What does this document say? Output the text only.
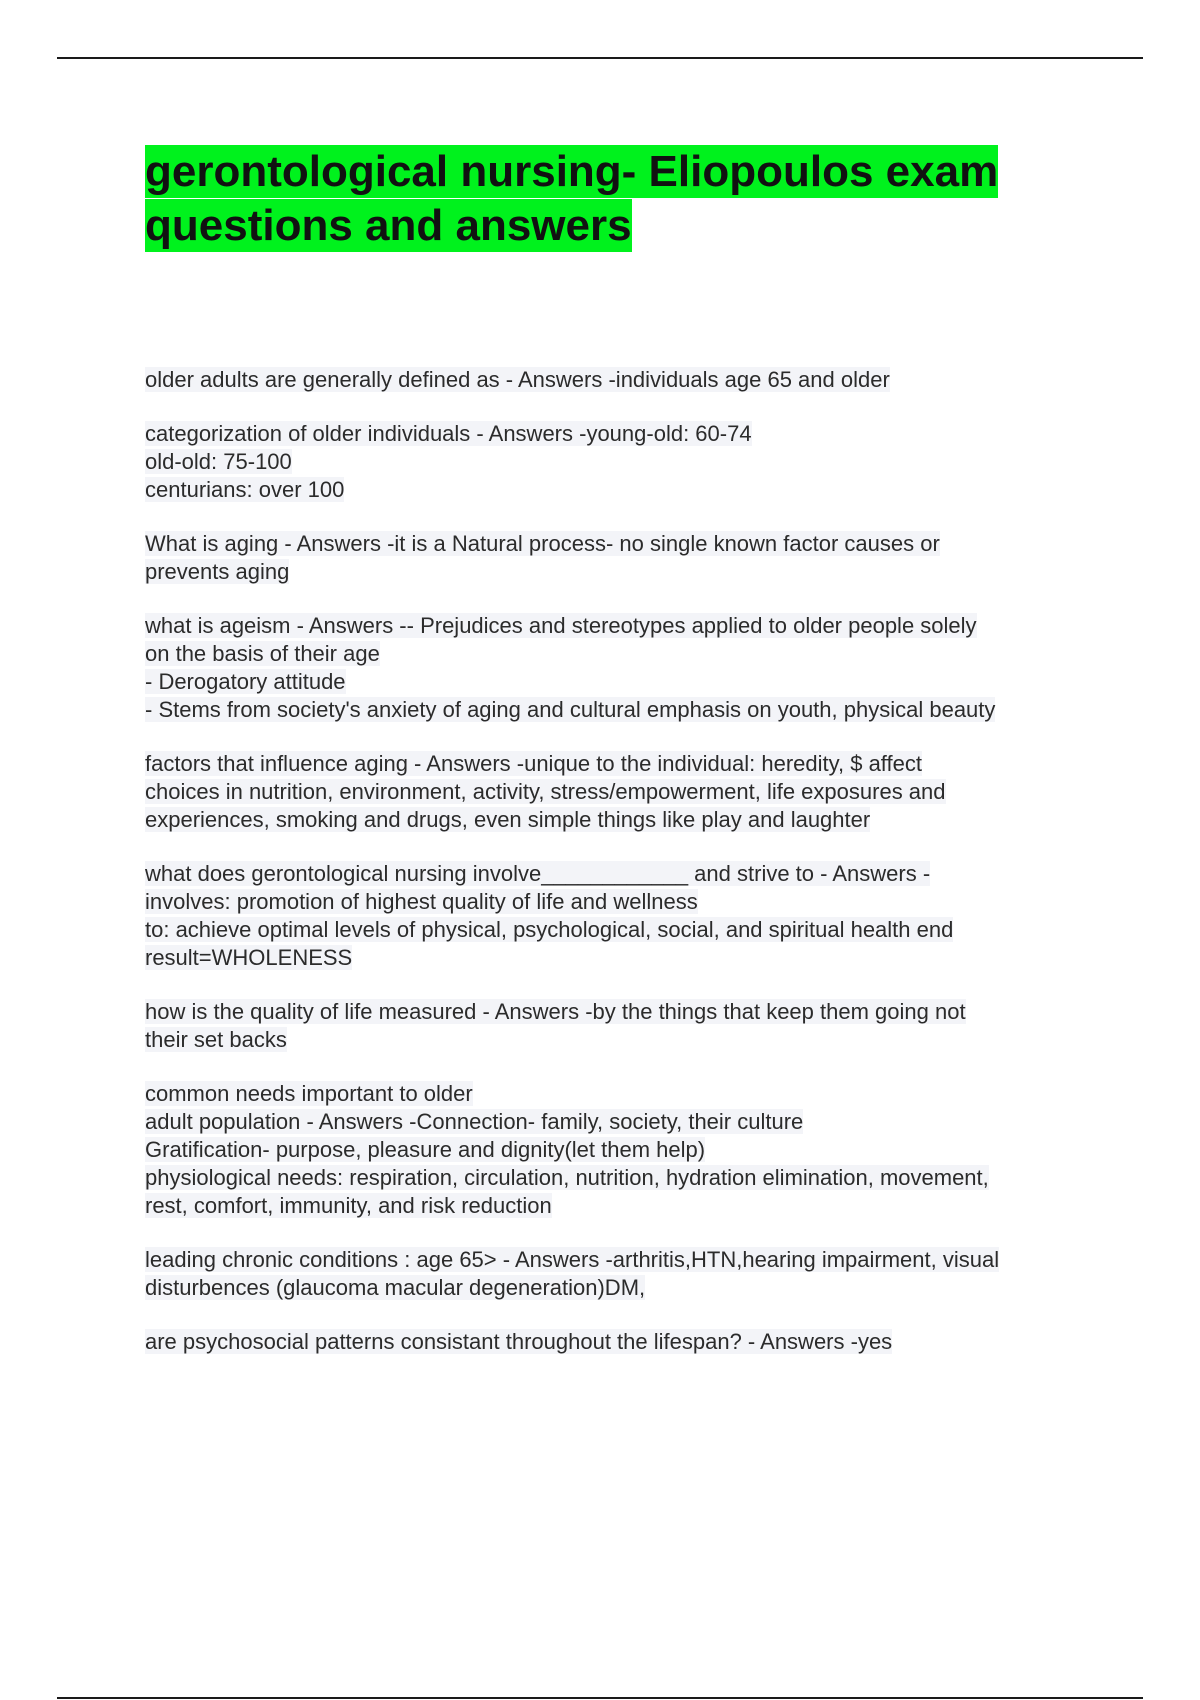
gerontological nursing- Eliopoulos exam
questions and answers
older adults are generally defined as - Answers -individuals age 65 and older
categorization of older individuals - Answers -young-old: 60-74
old-old: 75-100
centurians: over 100
What is aging - Answers -it is a Natural process- no single known factor causes or
prevents aging
what is ageism - Answers -- Prejudices and stereotypes applied to older people solely
on the basis of their age
- Derogatory attitude
- Stems from society's anxiety of aging and cultural emphasis on youth, physical beauty
factors that influence aging - Answers -unique to the individual: heredity, $ affect
choices in nutrition, environment, activity, stress/empowerment, life exposures and
experiences, smoking and drugs, even simple things like play and laughter
what does gerontological nursing involve____________ and strive to - Answers -
involves: promotion of highest quality of life and wellness
to: achieve optimal levels of physical, psychological, social, and spiritual health end
result=WHOLENESS
how is the quality of life measured - Answers -by the things that keep them going not
their set backs
common needs important to older
adult population - Answers -Connection- family, society, their culture
Gratification- purpose, pleasure and dignity(let them help)
physiological needs: respiration, circulation, nutrition, hydration elimination, movement,
rest, comfort, immunity, and risk reduction
leading chronic conditions : age 65> - Answers -arthritis,HTN,hearing impairment, visual
disturbences (glaucoma macular degeneration)DM,
are psychosocial patterns consistant throughout the lifespan? - Answers -yes
